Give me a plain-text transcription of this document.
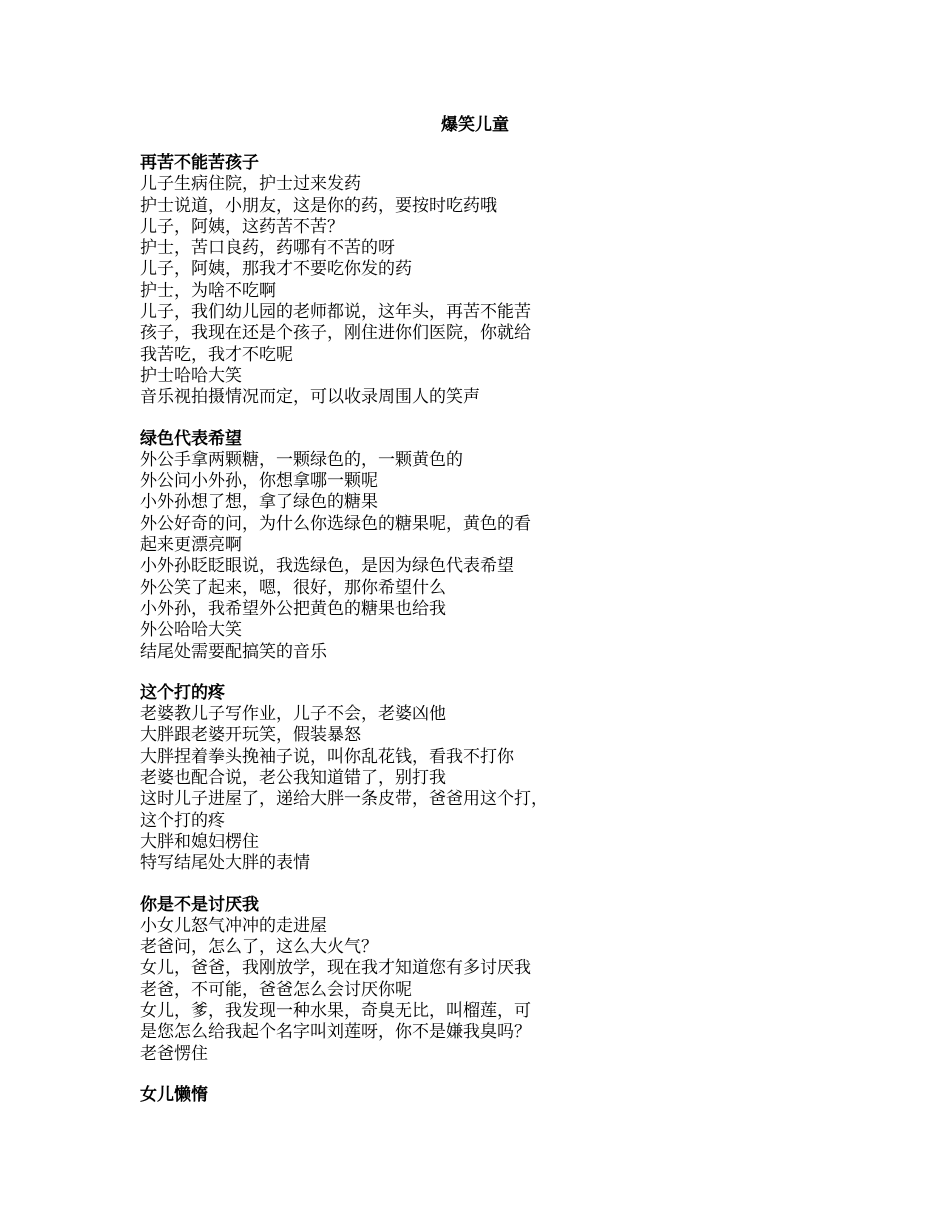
爆笑儿童
再苦不能苦孩子
儿子生病住院，护士过来发药
护士说道，小朋友，这是你的药，要按时吃药哦
儿子，阿姨，这药苦不苦？
护士，苦口良药，药哪有不苦的呀
儿子，阿姨，那我才不要吃你发的药
护士，为啥不吃啊
儿子，我们幼儿园的老师都说，这年头，再苦不能苦
孩子，我现在还是个孩子，刚住进你们医院，你就给
我苦吃，我才不吃呢
护士哈哈大笑
音乐视拍摄情况而定，可以收录周围人的笑声
绿色代表希望
外公手拿两颗糖，一颗绿色的，一颗黄色的
外公问小外孙，你想拿哪一颗呢
小外孙想了想，拿了绿色的糖果
外公好奇的问，为什么你选绿色的糖果呢，黄色的看
起来更漂亮啊
小外孙眨眨眼说，我选绿色，是因为绿色代表希望
外公笑了起来，嗯，很好，那你希望什么
小外孙，我希望外公把黄色的糖果也给我
外公哈哈大笑
结尾处需要配搞笑的音乐
这个打的疼
老婆教儿子写作业，儿子不会，老婆凶他
大胖跟老婆开玩笑，假装暴怒
大胖捏着拳头挽袖子说，叫你乱花钱，看我不打你
老婆也配合说，老公我知道错了，别打我
这时儿子进屋了，递给大胖一条皮带，爸爸用这个打，
这个打的疼
大胖和媳妇楞住
特写结尾处大胖的表情
你是不是讨厌我
小女儿怒气冲冲的走进屋
老爸问，怎么了，这么大火气？
女儿，爸爸，我刚放学，现在我才知道您有多讨厌我
老爸，不可能，爸爸怎么会讨厌你呢
女儿，爹，我发现一种水果，奇臭无比，叫榴莲，可
是您怎么给我起个名字叫刘莲呀，你不是嫌我臭吗？
老爸愣住
女儿懒惰
